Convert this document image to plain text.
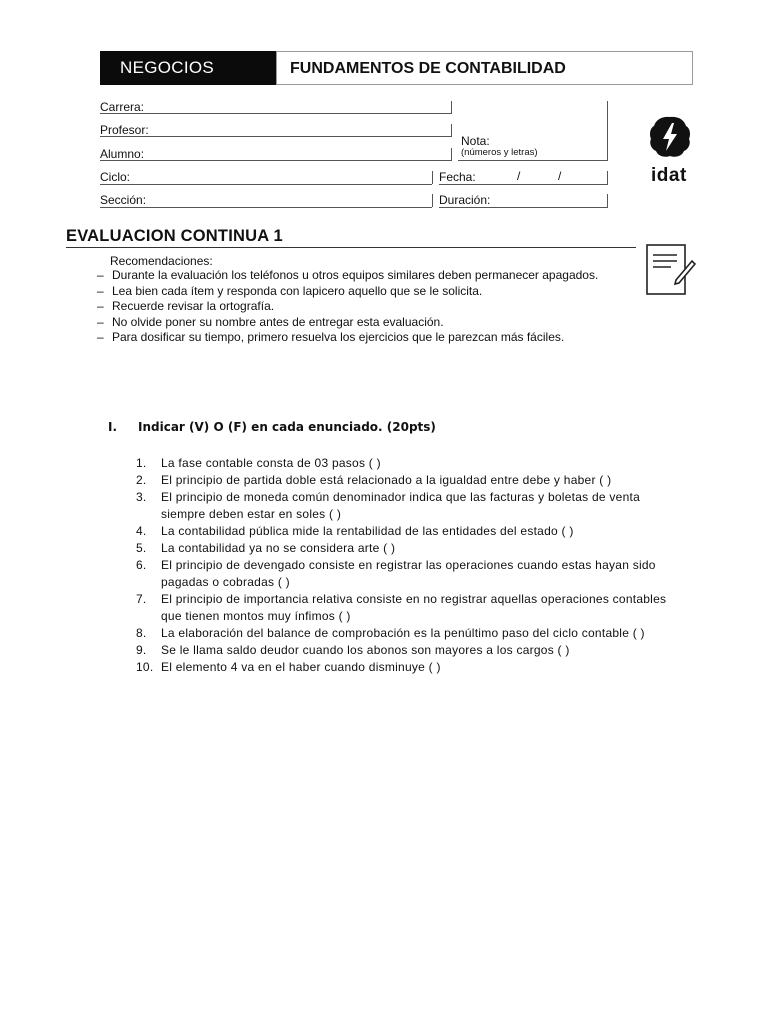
NEGOCIOS	FUNDAMENTOS DE CONTABILIDAD
Carrera:
Profesor:
Alumno:
Nota:
(números y letras)
Ciclo:	Fecha:	/	/
Sección:	Duración:
idat
EVALUACION CONTINUA 1
Recomendaciones:
– Durante la evaluación los teléfonos u otros equipos similares deben permanecer apagados.
– Lea bien cada ítem y responda con lapicero aquello que se le solicita.
– Recuerde revisar la ortografía.
– No olvide poner su nombre antes de entregar esta evaluación.
– Para dosificar su tiempo, primero resuelva los ejercicios que le parezcan más fáciles.
I. Indicar (V) O (F) en cada enunciado. (20pts)
1. La fase contable consta de 03 pasos ( )
2. El principio de partida doble está relacionado a la igualdad entre debe y haber ( )
3. El principio de moneda común denominador indica que las facturas y boletas de venta siempre deben estar en soles ( )
4. La contabilidad pública mide la rentabilidad de las entidades del estado ( )
5. La contabilidad ya no se considera arte ( )
6. El principio de devengado consiste en registrar las operaciones cuando estas hayan sido pagadas o cobradas ( )
7. El principio de importancia relativa consiste en no registrar aquellas operaciones contables que tienen montos muy ínfimos ( )
8. La elaboración del balance de comprobación es la penúltimo paso del ciclo contable ( )
9. Se le llama saldo deudor cuando los abonos son mayores a los cargos ( )
10. El elemento 4 va en el haber cuando disminuye ( )
